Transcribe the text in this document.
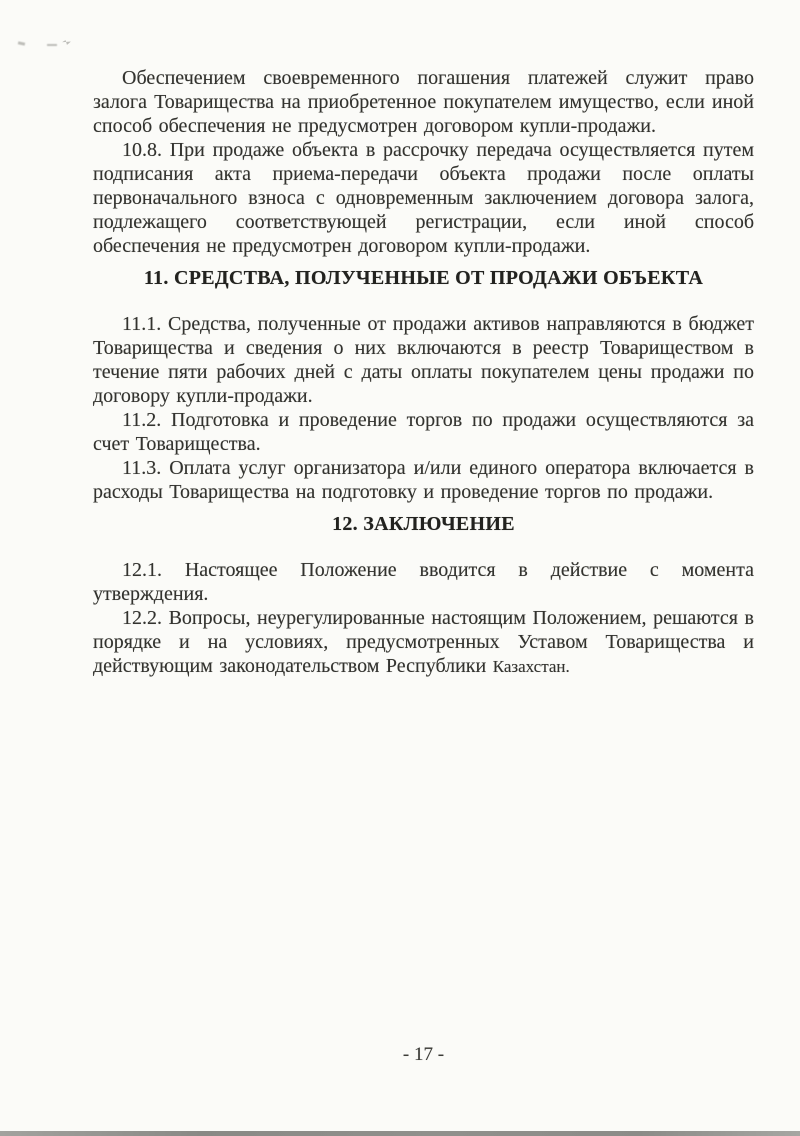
Обеспечением своевременного погашения платежей служит право залога Товарищества на приобретенное покупателем имущество, если иной способ обеспечения не предусмотрен договором купли-продажи.

10.8. При продаже объекта в рассрочку передача осуществляется путем подписания акта приема-передачи объекта продажи после оплаты первоначального взноса с одновременным заключением договора залога, подлежащего соответствующей регистрации, если иной способ обеспечения не предусмотрен договором купли-продажи.

11. СРЕДСТВА, ПОЛУЧЕННЫЕ ОТ ПРОДАЖИ ОБЪЕКТА

11.1. Средства, полученные от продажи активов направляются в бюджет Товарищества и сведения о них включаются в реестр Товариществом в течение пяти рабочих дней с даты оплаты покупателем цены продажи по договору купли-продажи.

11.2. Подготовка и проведение торгов по продажи осуществляются за счет Товарищества.

11.3. Оплата услуг организатора и/или единого оператора включается в расходы Товарищества на подготовку и проведение торгов по продажи.

12. ЗАКЛЮЧЕНИЕ

12.1. Настоящее Положение вводится в действие с момента утверждения.

12.2. Вопросы, неурегулированные настоящим Положением, решаются в порядке и на условиях, предусмотренных Уставом Товарищества и действующим законодательством Республики Казахстан.

- 17 -
